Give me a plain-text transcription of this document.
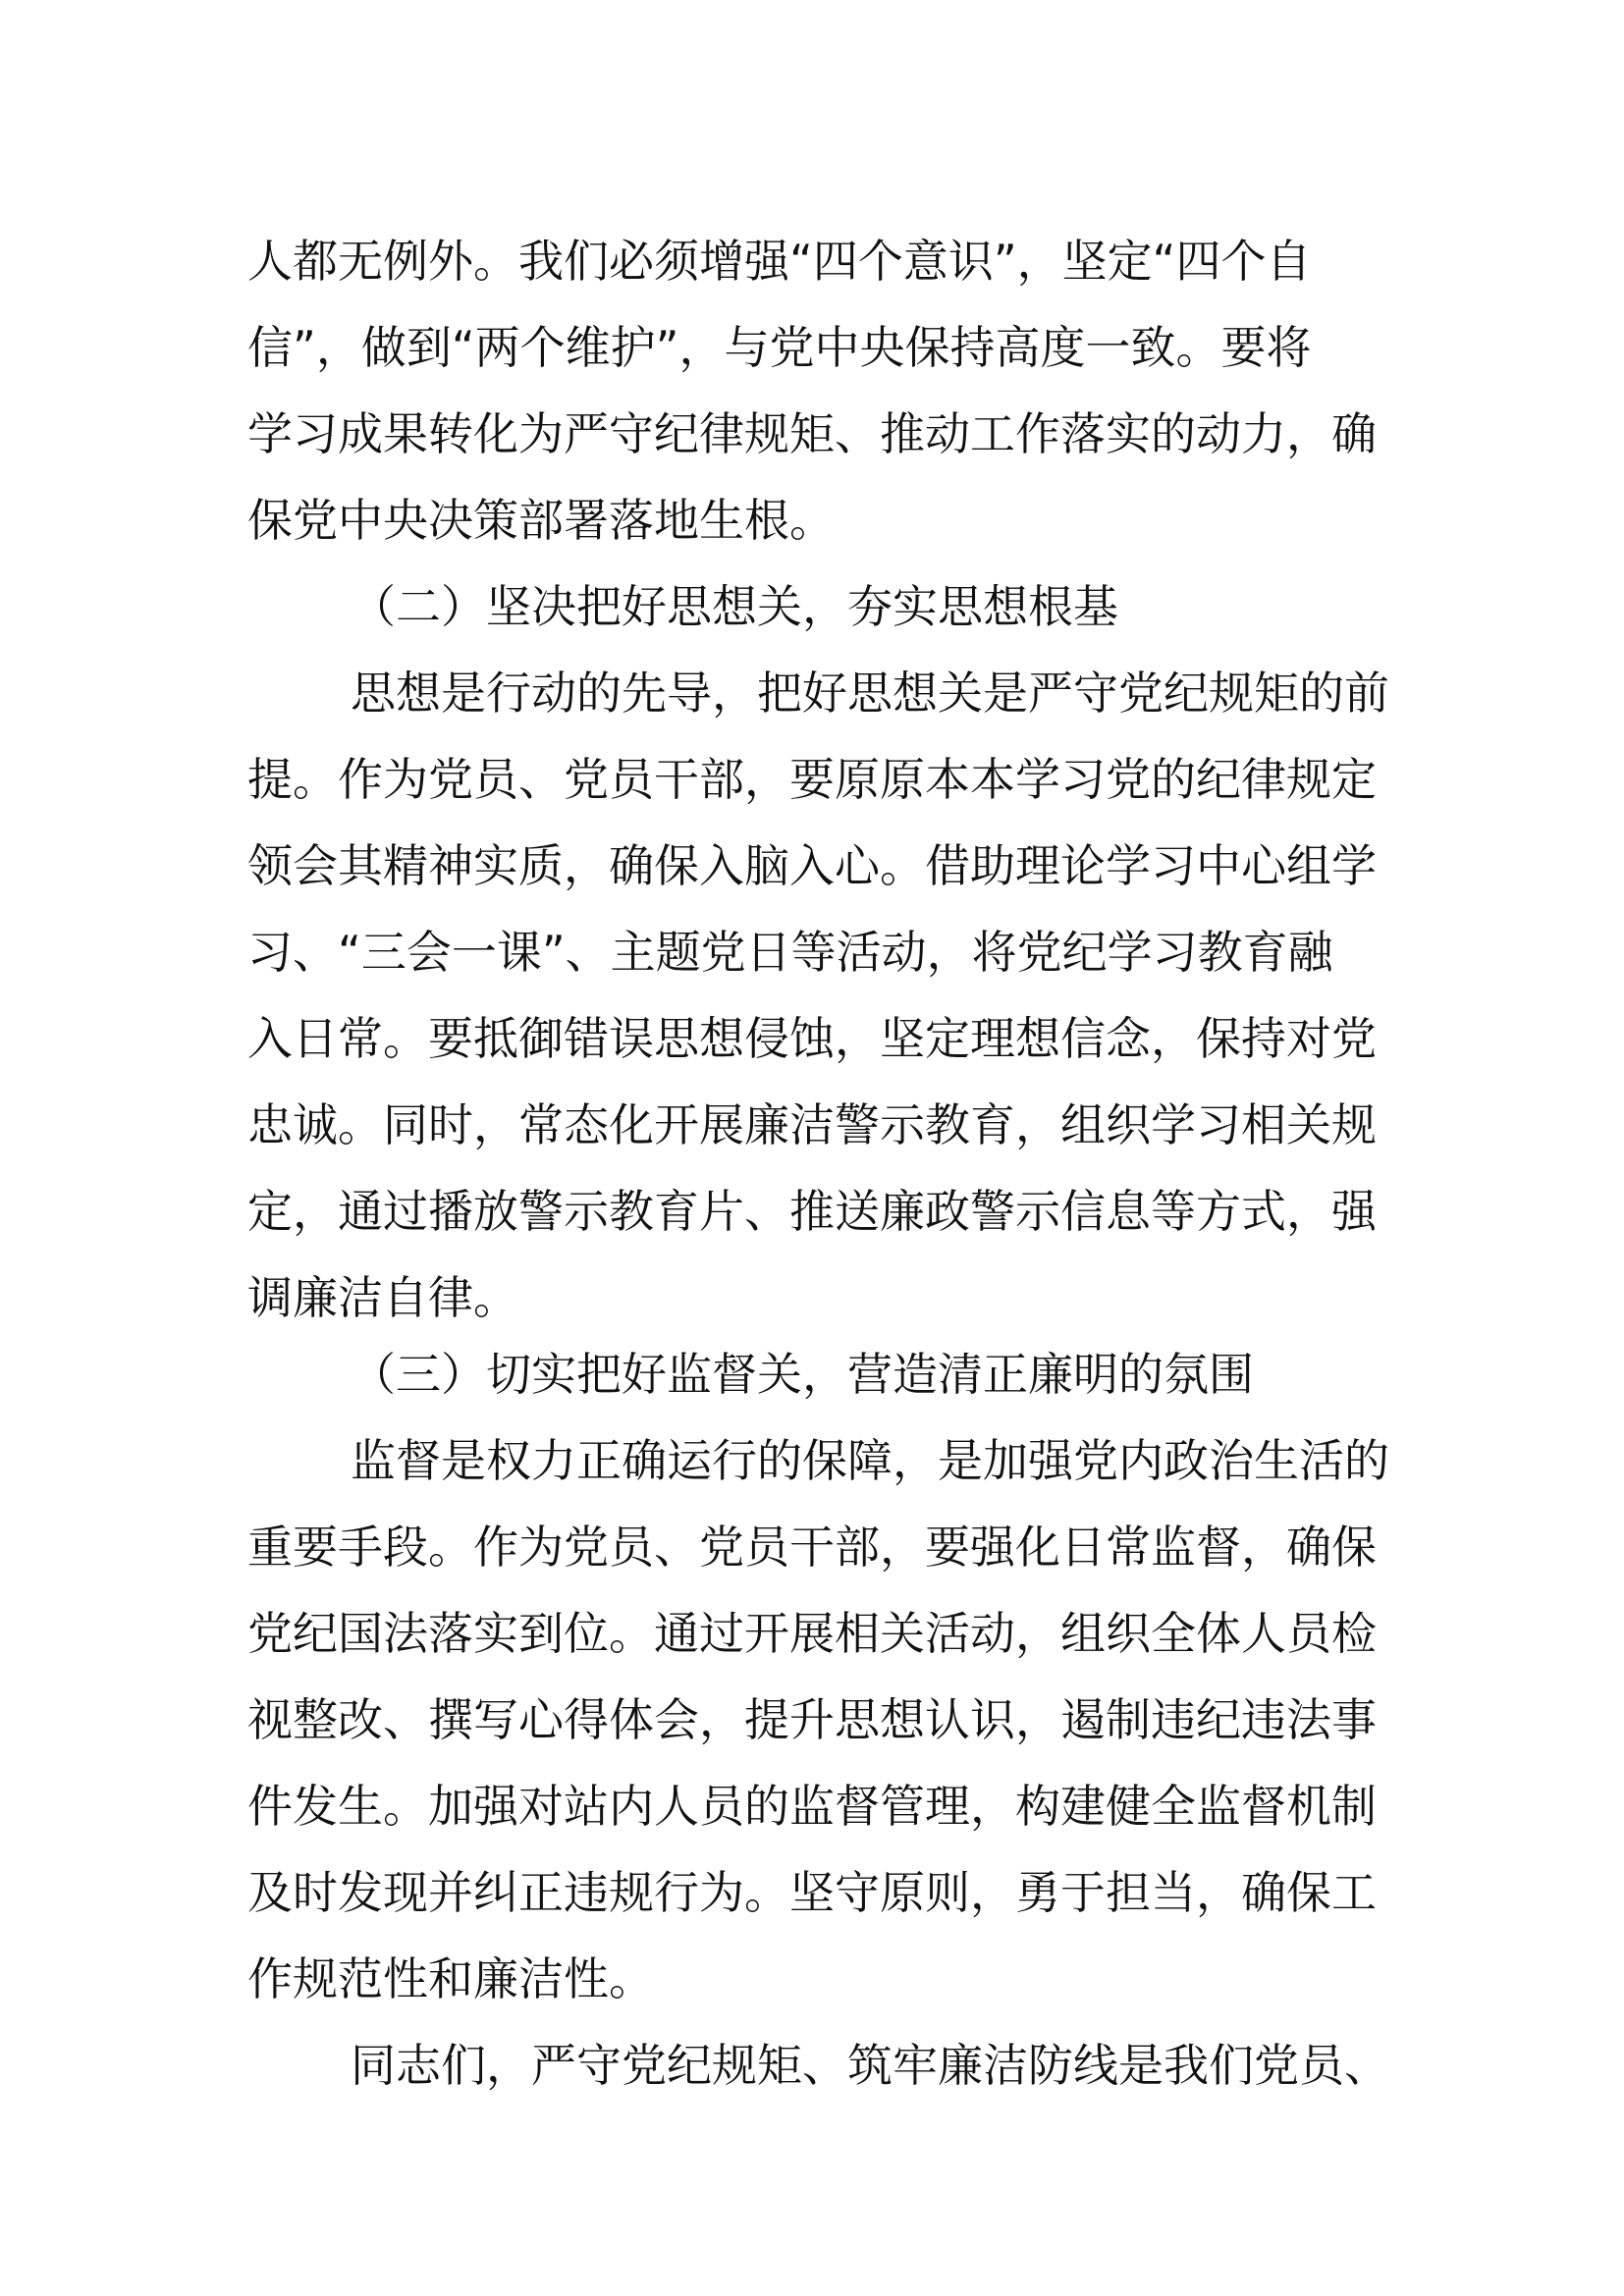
人都无例外。我们必须增强“四个意识”，坚定“四个自
信”，做到“两个维护”，与党中央保持高度一致。要将
学习成果转化为严守纪律规矩、推动工作落实的动力，确
保党中央决策部署落地生根。
（二）坚决把好思想关，夯实思想根基
思想是行动的先导，把好思想关是严守党纪规矩的前
提。作为党员、党员干部，要原原本本学习党的纪律规定
领会其精神实质，确保入脑入心。借助理论学习中心组学
习、“三会一课”、主题党日等活动，将党纪学习教育融
入日常。要抵御错误思想侵蚀，坚定理想信念，保持对党
忠诚。同时，常态化开展廉洁警示教育，组织学习相关规
定，通过播放警示教育片、推送廉政警示信息等方式，强
调廉洁自律。
（三）切实把好监督关，营造清正廉明的氛围
监督是权力正确运行的保障，是加强党内政治生活的
重要手段。作为党员、党员干部，要强化日常监督，确保
党纪国法落实到位。通过开展相关活动，组织全体人员检
视整改、撰写心得体会，提升思想认识，遏制违纪违法事
件发生。加强对站内人员的监督管理，构建健全监督机制
及时发现并纠正违规行为。坚守原则，勇于担当，确保工
作规范性和廉洁性。
同志们，严守党纪规矩、筑牢廉洁防线是我们党员、
